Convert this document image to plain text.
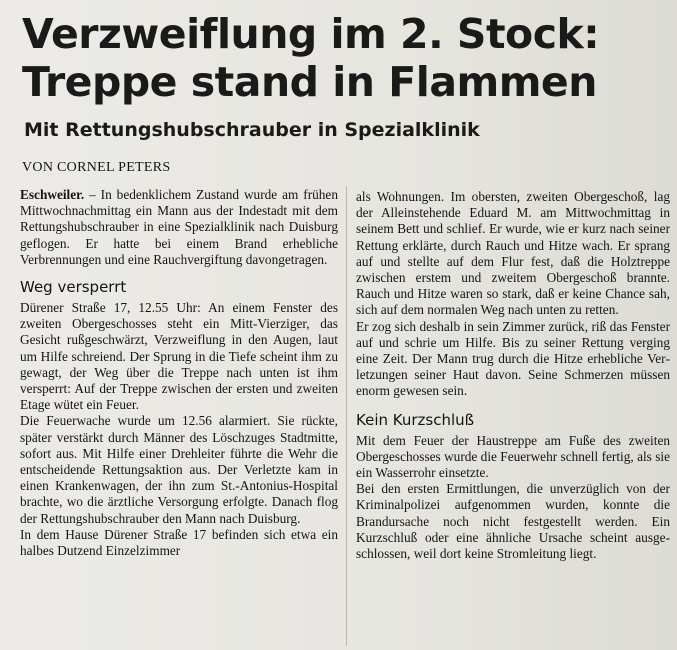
Verzweiflung im 2. Stock:
Treppe stand in Flammen
Mit Rettungshubschrauber in Spezialklinik
VON CORNEL PETERS

Eschweiler. – In bedenklichem Zustand wurde am frühen Mittwochnachmittag ein Mann aus der Indestadt mit dem Rettungshubschrauber in eine Spezialklinik nach Duisburg geflogen. Er hatte bei einem Brand erhebliche Verbrennungen und eine Rauchvergiftung davongetragen.

Weg versperrt

Dürener Straße 17, 12.55 Uhr: An einem Fenster des zweiten Obergeschosses steht ein Mitt-Vierziger, das Gesicht rußgeschwärzt, Verzweiflung in den Augen, laut um Hilfe schreiend. Der Sprung in die Tiefe scheint ihm zu gewagt, der Weg über die Treppe nach unten ist ihm versperrt: Auf der Treppe zwischen der ersten und zweiten Etage wütet ein Feuer.

Die Feuerwache wurde um 12.56 alarmiert. Sie rückte, später verstärkt durch Männer des Löschzuges Stadtmitte, sofort aus. Mit Hilfe einer Drehleiter führte die Wehr die entscheidende Rettungsaktion aus. Der Verletzte kam in einen Krankenwagen, der ihn zum St.-Antonius-Hospital brachte, wo die ärztliche Versorgung erfolgte. Danach flog der Rettungshubschrauber den Mann nach Duisburg.

In dem Hause Dürener Straße 17 befinden sich etwa ein halbes Dutzend Einzelzimmer

als Wohnungen. Im obersten, zweiten Obergeschoß, lag der Alleinstehende Eduard M. am Mittwochmittag in seinem Bett und schlief. Er wurde, wie er kurz nach seiner Rettung erklärte, durch Rauch und Hitze wach. Er sprang auf und stellte auf dem Flur fest, daß die Holztreppe zwischen erstem und zweitem Obergeschoß brannte. Rauch und Hitze waren so stark, daß er keine Chance sah, sich auf dem normalen Weg nach unten zu retten.

Er zog sich deshalb in sein Zimmer zurück, riß das Fenster auf und schrie um Hilfe. Bis zu seiner Rettung verging eine Zeit. Der Mann trug durch die Hitze erhebliche Verletzungen seiner Haut davon. Seine Schmerzen müssen enorm gewesen sein.

Kein Kurzschluß

Mit dem Feuer der Haustreppe am Fuße des zweiten Obergeschosses wurde die Feuerwehr schnell fertig, als sie ein Wasserrohr einsetzte.

Bei den ersten Ermittlungen, die unverzüglich von der Kriminalpolizei aufgenommen wurden, konnte die Brandursache noch nicht festgestellt werden. Ein Kurzschluß oder eine ähnliche Ursache scheint ausgeschlossen, weil dort keine Stromleitung liegt.
